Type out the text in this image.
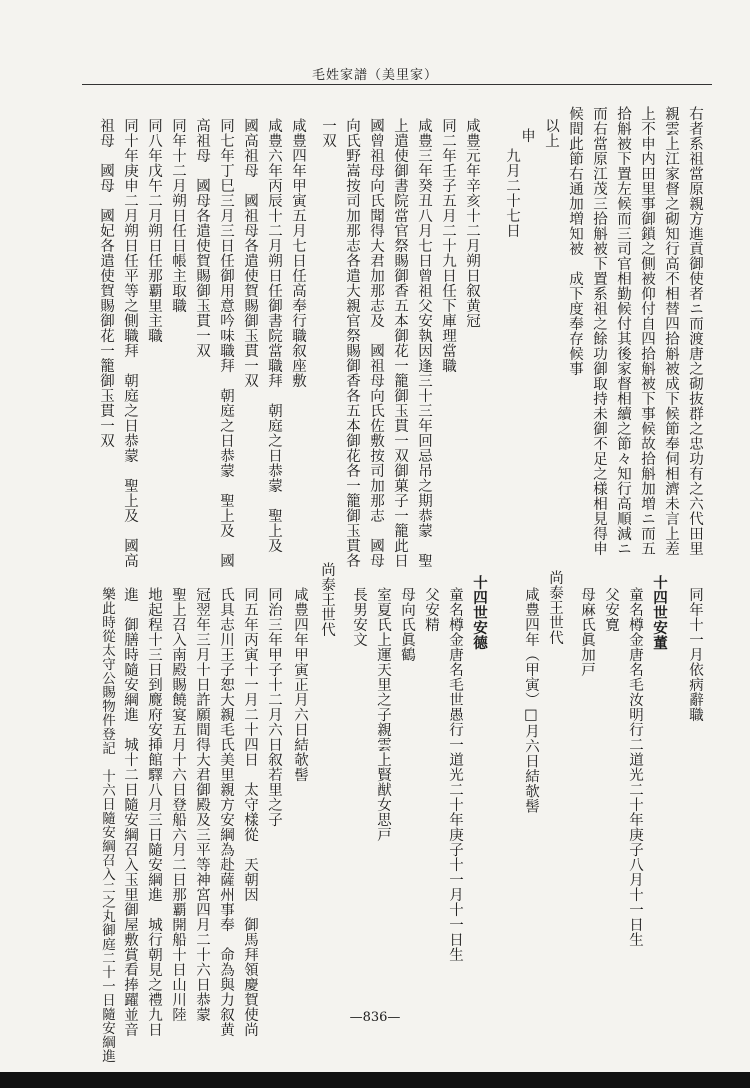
毛姓家譜（美里家）
右者系祖當原親方進貢御使者ニ而渡唐之砌抜群之忠功有之六代田里
親雲上江家督之砌知行高不相替四拾斛被成下候節奉伺相濟未言上差
上不申内田里事御鎖之側被仰付自四拾斛被下事候故拾斛加増ニ而五
拾斛被下置左候而三司官相勤候付其後家督相續之節々知行高順減ニ
而右當原江茂三拾斛被下置系祖之餘功御取持未御不足之様相見得申
候間此節右通加増知被　成下度奉存候事
以上
申
九月二十七日
咸豊元年辛亥十二月朔日叙黄冠
同二年壬子五月二十九日任下庫理當職
咸豊三年癸丑八月七日曾祖父安執因逢三十三年回忌吊之期恭蒙　聖
上遣使御書院當官祭賜御香五本御花一籠御玉貫一双御菓子一籠此日
國曾祖母向氏聞得大君加那志及　國祖母向氏佐敷按司加那志　國母
向氏野嵩按司加那志各遣大親官祭賜御香各五本御花各一籠御玉貫各
一双
咸豊四年甲寅五月七日任高奉行職叙座敷
咸豊六年丙辰十二月朔日任御書院當職拜　朝庭之日恭蒙　聖上及
國高祖母　國祖母各遣使賀賜御玉貫一双
同七年丁巳三月三日任御用意吟味職拜　朝庭之日恭蒙　聖上及　國
高祖母　國母各遣使賀賜御玉貫一双
同年十二月朔日任日帳主取職
同八年戊午二月朔日任那覇里主職
同十年庚申二月朔日任平等之側職拜　朝庭之日恭蒙　聖上及　國高
祖母　國母　國妃各遣使賀賜御花一籠御玉貫一双
同年十一月依病辭職
十四世安董
童名樽金唐名毛汝明行二道光二十年庚子八月十一日生
父安寛
母麻氏眞加戸
尚泰王世代
咸豊四年（甲寅）□月六日結欹髻
十四世安德
童名樽金唐名毛世愚行一道光二十年庚子十一月十一日生
父安精
母向氏眞鶴
室夏氏上運天里之子親雲上賢猷女思戸
長男安文
尚泰王世代
咸豊四年甲寅正月六日結欹髻
同治三年甲子十二月六日叙若里之子
同五年丙寅十一月二十四日　太守樣從　天朝因　御馬拜領慶賀使尚
氏具志川王子恕大親毛氏美里親方安綱為赴薩州事奉　命為與力叙黄
冠翌年三月十日許願間得大君御殿及三平等神宮四月二十六日恭蒙
聖上召入南殿賜饒宴五月十六日登船六月二日那覇開船十日山川陸
地起程十三日到麑府安揷館驛八月三日隨安綱進　城行朝見之禮九日
進　御膳時隨安綱進　城十二日隨安綱召入玉里御屋敷賞看捧躍並音
樂此時從太守公賜物件登記　十六日隨安綱召入二之丸御庭二十一日隨安綱進	—836—
